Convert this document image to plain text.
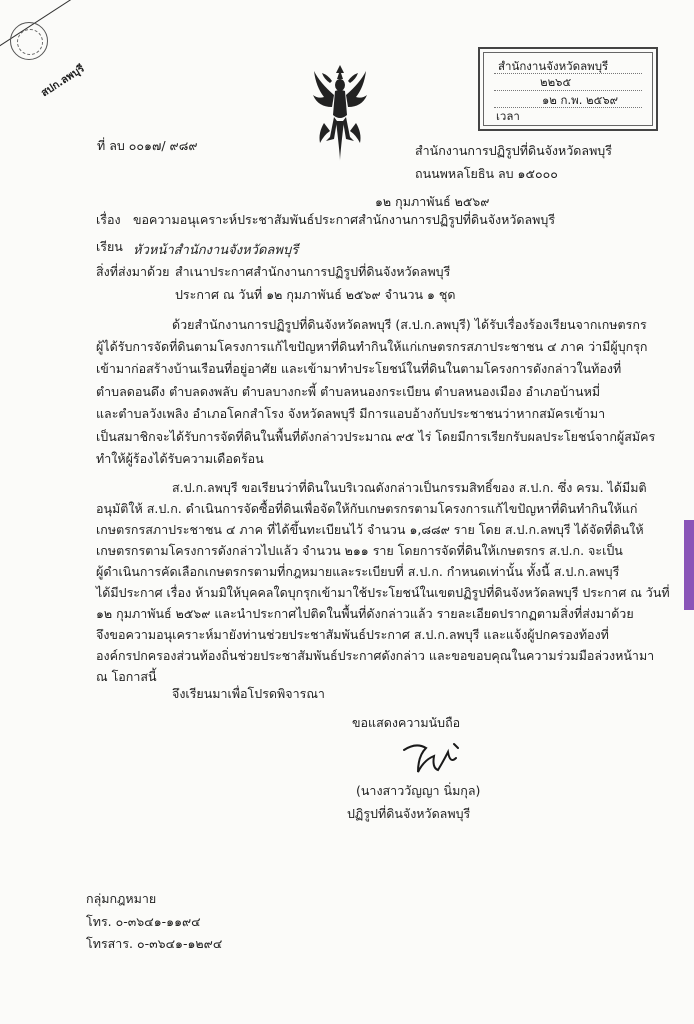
สปก.ลพบุรี	สำนักงานจังหวัดลพบุรี
๒๒๖๕
๑๒ ก.พ. ๒๕๖๙
เวลา
ที่ ลบ ๐๐๑๗/ ๙๘๙	สำนักงานการปฏิรูปที่ดินจังหวัดลพบุรี
ถนนพหลโยธิน ลบ ๑๕๐๐๐
๑๒ กุมภาพันธ์ ๒๕๖๙
เรื่อง ขอความอนุเคราะห์ประชาสัมพันธ์ประกาศสำนักงานการปฏิรูปที่ดินจังหวัดลพบุรี
เรียน หัวหน้าสำนักงานจังหวัดลพบุรี
สิ่งที่ส่งมาด้วย สำเนาประกาศสำนักงานการปฏิรูปที่ดินจังหวัดลพบุรี
ประกาศ ณ วันที่ ๑๒ กุมภาพันธ์ ๒๕๖๙ จำนวน ๑ ชุด
ด้วยสำนักงานการปฏิรูปที่ดินจังหวัดลพบุรี (ส.ป.ก.ลพบุรี) ได้รับเรื่องร้องเรียนจากเกษตรกร
ผู้ได้รับการจัดที่ดินตามโครงการแก้ไขปัญหาที่ดินทำกินให้แก่เกษตรกรสภาประชาชน ๔ ภาค ว่ามีผู้บุกรุก
เข้ามาก่อสร้างบ้านเรือนที่อยู่อาศัย และเข้ามาทำประโยชน์ในที่ดินในตามโครงการดังกล่าวในท้องที่
ตำบลดอนดึง ตำบลดงพลับ ตำบลบางกะพี้ ตำบลหนองกระเบียน ตำบลหนองเมือง อำเภอบ้านหมี่
และตำบลวังเพลิง อำเภอโคกสำโรง จังหวัดลพบุรี มีการแอบอ้างกับประชาชนว่าหากสมัครเข้ามา
เป็นสมาชิกจะได้รับการจัดที่ดินในพื้นที่ดังกล่าวประมาณ ๙๕ ไร่ โดยมีการเรียกรับผลประโยชน์จากผู้สมัคร
ทำให้ผู้ร้องได้รับความเดือดร้อน
ส.ป.ก.ลพบุรี ขอเรียนว่าที่ดินในบริเวณดังกล่าวเป็นกรรมสิทธิ์ของ ส.ป.ก. ซึ่ง ครม. ได้มีมติ
อนุมัติให้ ส.ป.ก. ดำเนินการจัดซื้อที่ดินเพื่อจัดให้กับเกษตรกรตามโครงการแก้ไขปัญหาที่ดินทำกินให้แก่
เกษตรกรสภาประชาชน ๔ ภาค ที่ได้ขึ้นทะเบียนไว้ จำนวน ๑,๘๘๙ ราย โดย ส.ป.ก.ลพบุรี ได้จัดที่ดินให้
เกษตรกรตามโครงการดังกล่าวไปแล้ว จำนวน ๒๑๑ ราย โดยการจัดที่ดินให้เกษตรกร ส.ป.ก. จะเป็น
ผู้ดำเนินการคัดเลือกเกษตรกรตามที่กฎหมายและระเบียบที่ ส.ป.ก. กำหนดเท่านั้น ทั้งนี้ ส.ป.ก.ลพบุรี
ได้มีประกาศ เรื่อง ห้ามมิให้บุคคลใดบุกรุกเข้ามาใช้ประโยชน์ในเขตปฏิรูปที่ดินจังหวัดลพบุรี ประกาศ ณ วันที่
๑๒ กุมภาพันธ์ ๒๕๖๙ และนำประกาศไปติดในพื้นที่ดังกล่าวแล้ว รายละเอียดปรากฏตามสิ่งที่ส่งมาด้วย
จึงขอความอนุเคราะห์มายังท่านช่วยประชาสัมพันธ์ประกาศ ส.ป.ก.ลพบุรี และแจ้งผู้ปกครองท้องที่
องค์กรปกครองส่วนท้องถิ่นช่วยประชาสัมพันธ์ประกาศดังกล่าว และขอขอบคุณในความร่วมมือล่วงหน้ามา
ณ โอกาสนี้
จึงเรียนมาเพื่อโปรดพิจารณา
ขอแสดงความนับถือ
(นางสาววัญญา นิ่มกุล)
ปฏิรูปที่ดินจังหวัดลพบุรี
กลุ่มกฎหมาย
โทร. ๐-๓๖๔๑-๑๑๙๔
โทรสาร. ๐-๓๖๔๑-๑๒๙๔
